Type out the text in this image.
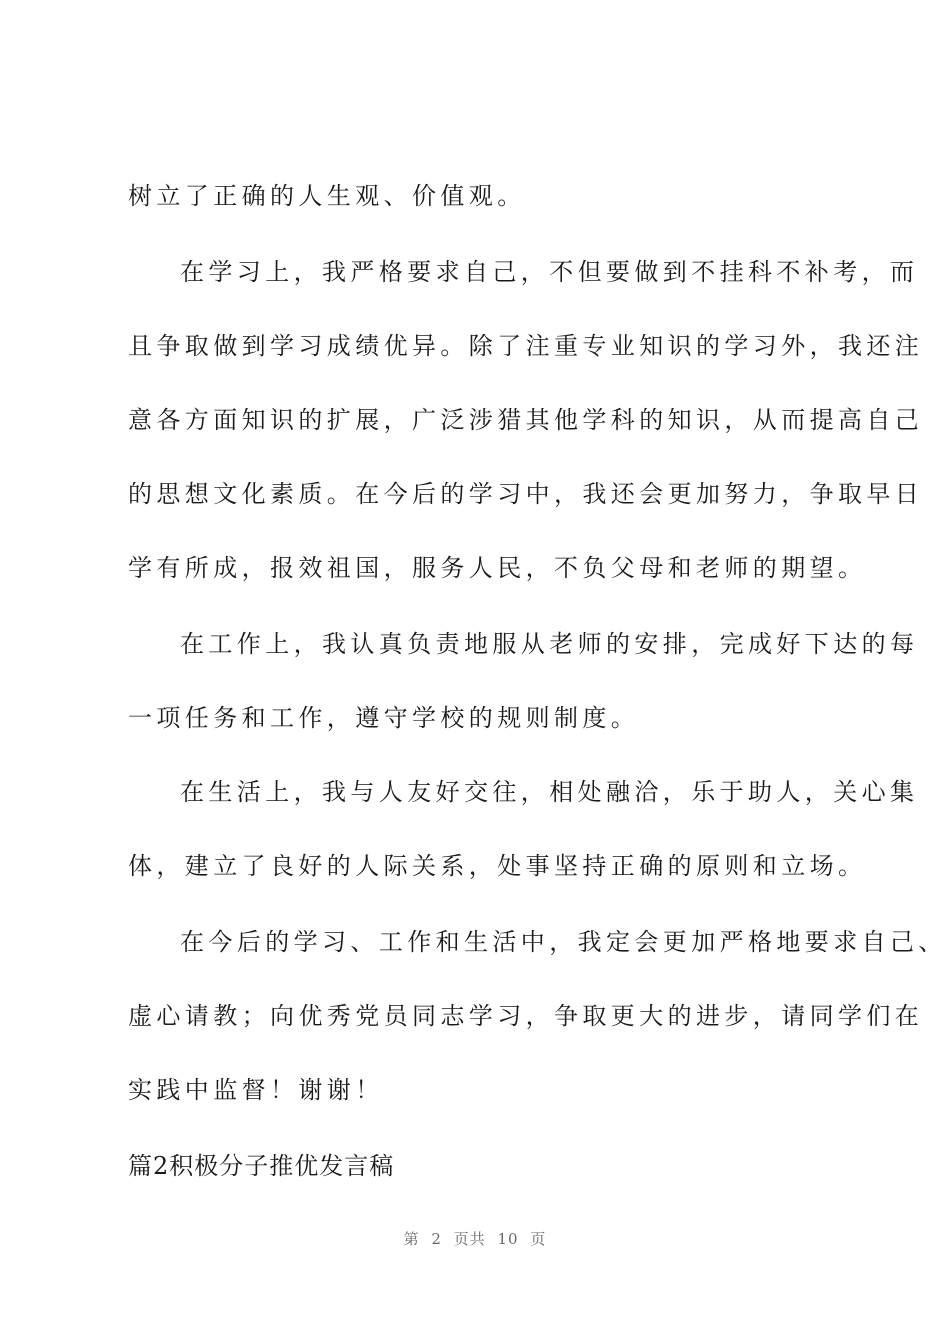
树立了正确的人生观、价值观。
在学习上，我严格要求自己，不但要做到不挂科不补考，而
且争取做到学习成绩优异。除了注重专业知识的学习外，我还注
意各方面知识的扩展，广泛涉猎其他学科的知识，从而提高自己
的思想文化素质。在今后的学习中，我还会更加努力，争取早日
学有所成，报效祖国，服务人民，不负父母和老师的期望。
在工作上，我认真负责地服从老师的安排，完成好下达的每
一项任务和工作，遵守学校的规则制度。
在生活上，我与人友好交往，相处融洽，乐于助人，关心集
体，建立了良好的人际关系，处事坚持正确的原则和立场。
在今后的学习、工作和生活中，我定会更加严格地要求自己、
虚心请教；向优秀党员同志学习，争取更大的进步，请同学们在
实践中监督！谢谢！
篇2积极分子推优发言稿
第 2 页共 10 页
